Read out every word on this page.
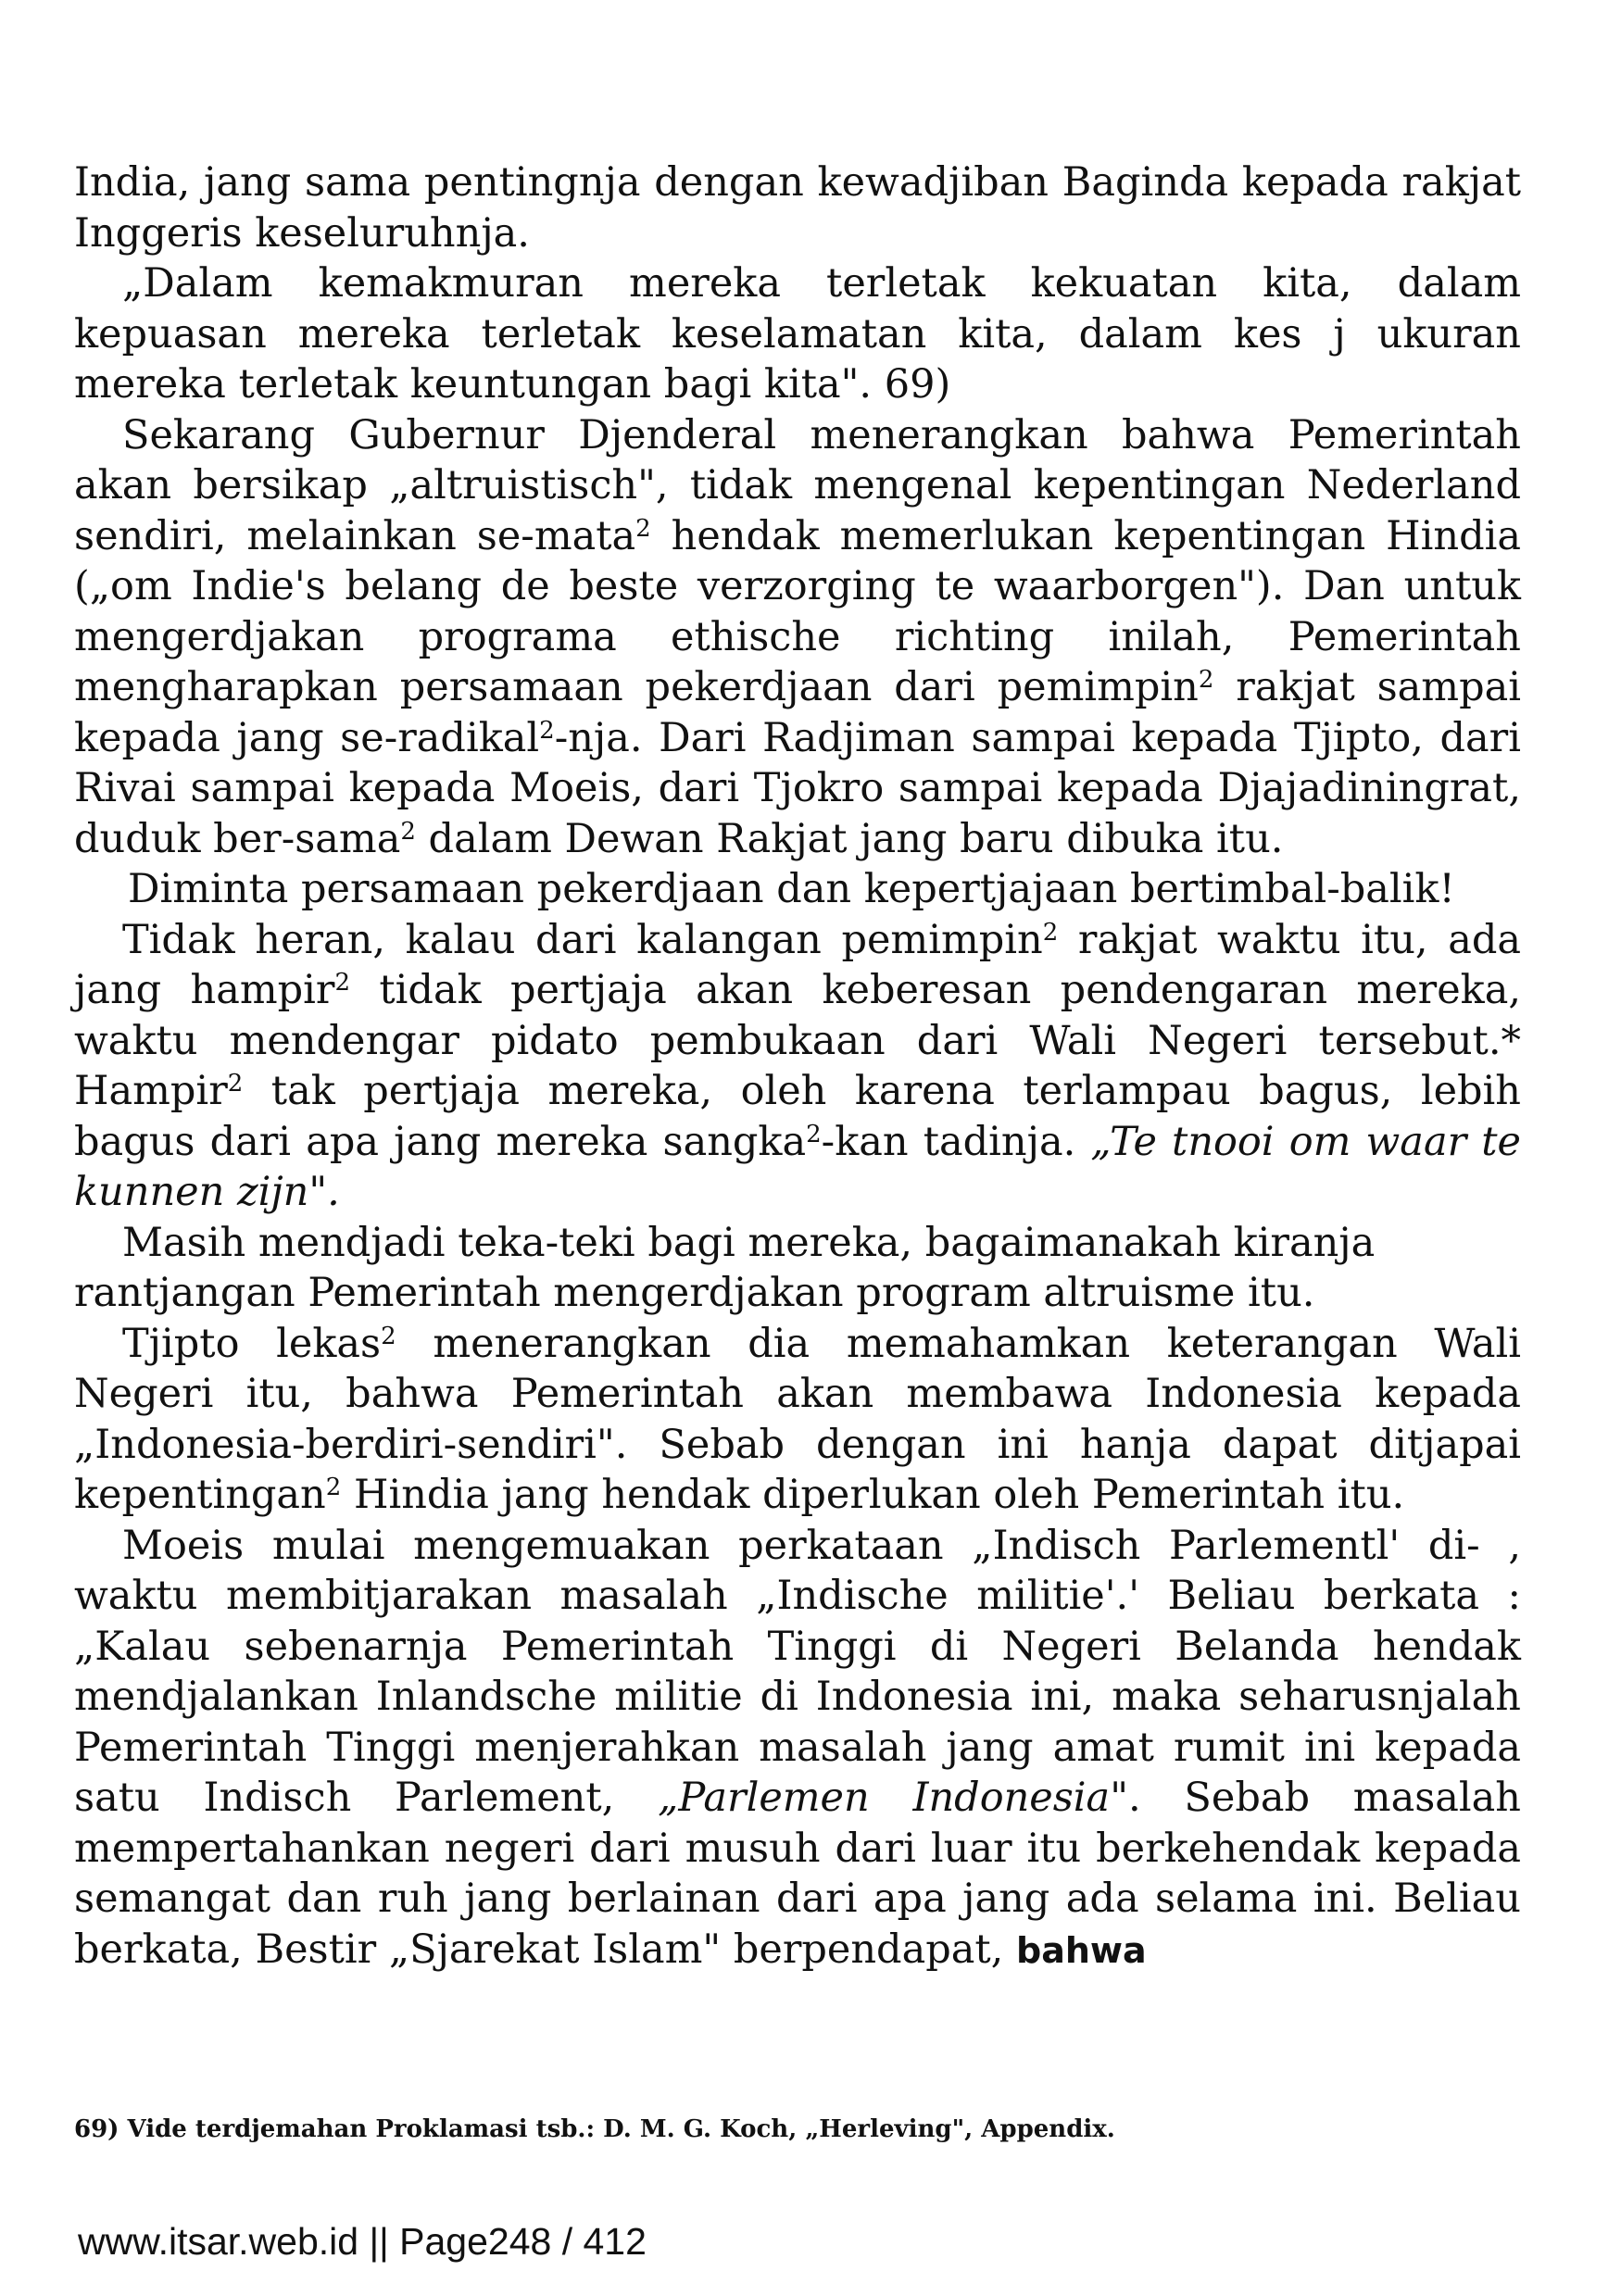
India, jang sama pentingnja dengan kewadjiban Baginda kepada rakjat Inggeris keseluruhnja.

„Dalam kemakmuran mereka terletak kekuatan kita, dalam kepuasan mereka terletak keselamatan kita, dalam kes j ukuran mereka terletak keuntungan bagi kita". 69)

Sekarang Gubernur Djenderal menerangkan bahwa Pemerintah akan bersikap „altruistisch", tidak mengenal kepentingan Nederland sendiri, melainkan se-mata$^2$ hendak memerlukan kepentingan Hindia („om Indie's belang de beste verzorging te waarborgen"). Dan untuk mengerdjakan programa ethische richting inilah, Pemerintah mengharapkan persamaan pekerdjaan dari pemimpin$^2$ rakjat sampai kepada jang se-radikal$^2$-nja. Dari Radjiman sampai kepada Tjipto, dari Rivai sampai kepada Moeis, dari Tjokro sampai kepada Djajadiningrat, duduk ber-sama$^2$ dalam Dewan Rakjat jang baru dibuka itu.

Diminta persamaan pekerdjaan dan kepertjajaan bertimbal-balik!

Tidak heran, kalau dari kalangan pemimpin$^2$ rakjat waktu itu, ada jang hampir$^2$ tidak pertjaja akan keberesan pendengaran mereka, waktu mendengar pidato pembukaan dari Wali Negeri tersebut.* Hampir$^2$ tak pertjaja mereka, oleh karena terlampau bagus, lebih bagus dari apa jang mereka sangka$^2$-kan tadinja. „Te tnooi om waar te kunnen zijn".

Masih mendjadi teka-teki bagi mereka, bagaimanakah kiranja
rantjangan Pemerintah mengerdjakan program altruisme itu.

Tjipto lekas$^2$ menerangkan dia memahamkan keterangan Wali Negeri itu, bahwa Pemerintah akan membawa Indonesia kepada „Indonesia-berdiri-sendiri". Sebab dengan ini hanja dapat ditjapai kepentingan$^2$ Hindia jang hendak diperlukan oleh Pemerintah itu.

Moeis mulai mengemuakan perkataan „Indisch Parlementl' di- , waktu membitjarakan masalah „Indische militie'.' Beliau berkata : „Kalau sebenarnja Pemerintah Tinggi di Negeri Belanda hendak mendjalankan Inlandsche militie di Indonesia ini, maka seharusnjalah Pemerintah Tinggi menjerahkan masalah jang amat rumit ini kepada satu Indisch Parlement, „Parlemen Indonesia". Sebab masalah mempertahankan negeri dari musuh dari luar itu berkehendak kepada semangat dan ruh jang berlainan dari apa jang ada selama ini. Beliau berkata, Bestir „Sjarekat Islam" berpendapat, bahwa

69) Vide terdjemahan Proklamasi tsb.: D. M. G. Koch, „Herleving", Appendix.
www.itsar.web.id || Page248 / 412
